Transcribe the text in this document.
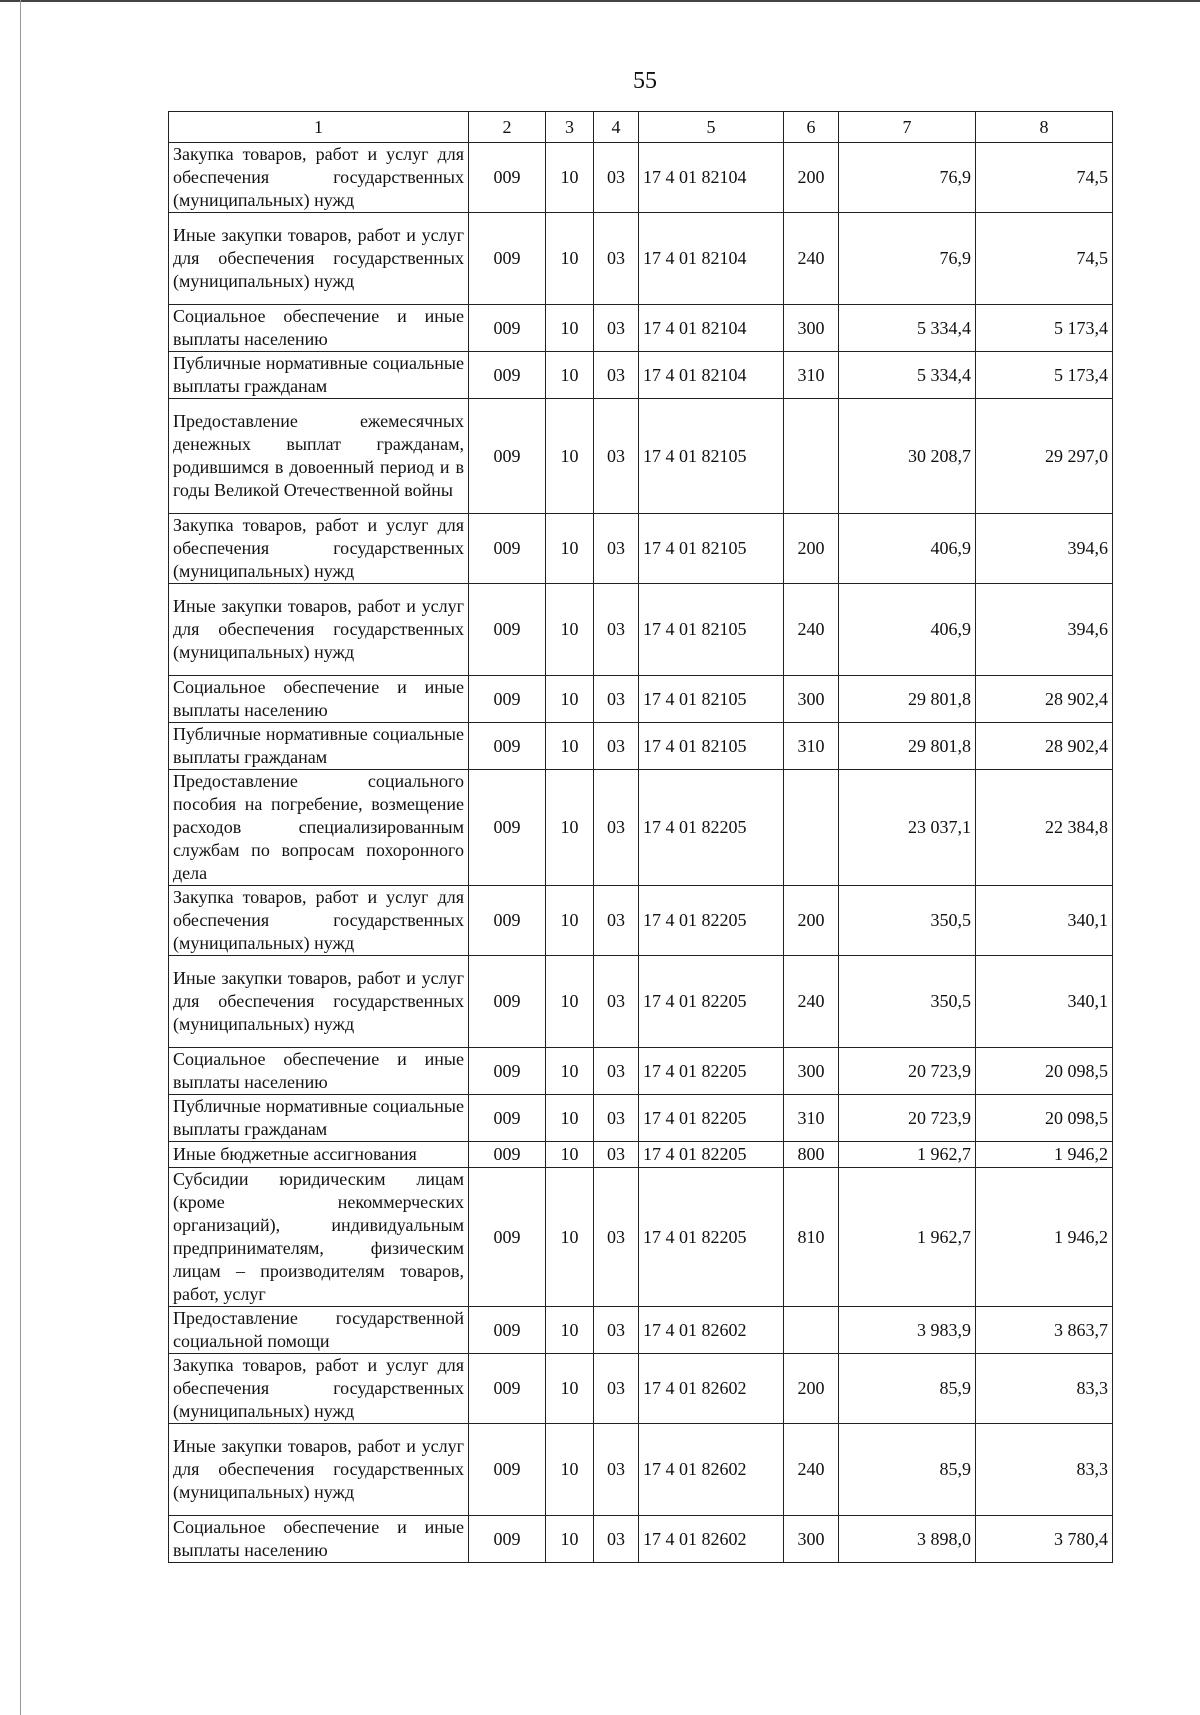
55
1	2	3	4	5	6	7	8
Закупка товаров, работ и услуг для обеспечения государственных (муниципальных) нужд	009	10	03	17 4 01 82104	200	76,9	74,5
Иные закупки товаров, работ и услуг для обеспечения государственных (муниципальных) нужд	009	10	03	17 4 01 82104	240	76,9	74,5
Социальное обеспечение и иные выплаты населению	009	10	03	17 4 01 82104	300	5 334,4	5 173,4
Публичные нормативные социальные выплаты гражданам	009	10	03	17 4 01 82104	310	5 334,4	5 173,4
Предоставление ежемесячных денежных выплат гражданам, родившимся в довоенный период и в годы Великой Отечественной войны	009	10	03	17 4 01 82105		30 208,7	29 297,0
Закупка товаров, работ и услуг для обеспечения государственных (муниципальных) нужд	009	10	03	17 4 01 82105	200	406,9	394,6
Иные закупки товаров, работ и услуг для обеспечения государственных (муниципальных) нужд	009	10	03	17 4 01 82105	240	406,9	394,6
Социальное обеспечение и иные выплаты населению	009	10	03	17 4 01 82105	300	29 801,8	28 902,4
Публичные нормативные социальные выплаты гражданам	009	10	03	17 4 01 82105	310	29 801,8	28 902,4
Предоставление социального пособия на погребение, возмещение расходов специализированным службам по вопросам похоронного дела	009	10	03	17 4 01 82205		23 037,1	22 384,8
Закупка товаров, работ и услуг для обеспечения государственных (муниципальных) нужд	009	10	03	17 4 01 82205	200	350,5	340,1
Иные закупки товаров, работ и услуг для обеспечения государственных (муниципальных) нужд	009	10	03	17 4 01 82205	240	350,5	340,1
Социальное обеспечение и иные выплаты населению	009	10	03	17 4 01 82205	300	20 723,9	20 098,5
Публичные нормативные социальные выплаты гражданам	009	10	03	17 4 01 82205	310	20 723,9	20 098,5
Иные бюджетные ассигнования	009	10	03	17 4 01 82205	800	1 962,7	1 946,2
Субсидии юридическим лицам (кроме некоммерческих организаций), индивидуальным предпринимателям, физическим лицам – производителям товаров, работ, услуг	009	10	03	17 4 01 82205	810	1 962,7	1 946,2
Предоставление государственной социальной помощи	009	10	03	17 4 01 82602		3 983,9	3 863,7
Закупка товаров, работ и услуг для обеспечения государственных (муниципальных) нужд	009	10	03	17 4 01 82602	200	85,9	83,3
Иные закупки товаров, работ и услуг для обеспечения государственных (муниципальных) нужд	009	10	03	17 4 01 82602	240	85,9	83,3
Социальное обеспечение и иные выплаты населению	009	10	03	17 4 01 82602	300	3 898,0	3 780,4
